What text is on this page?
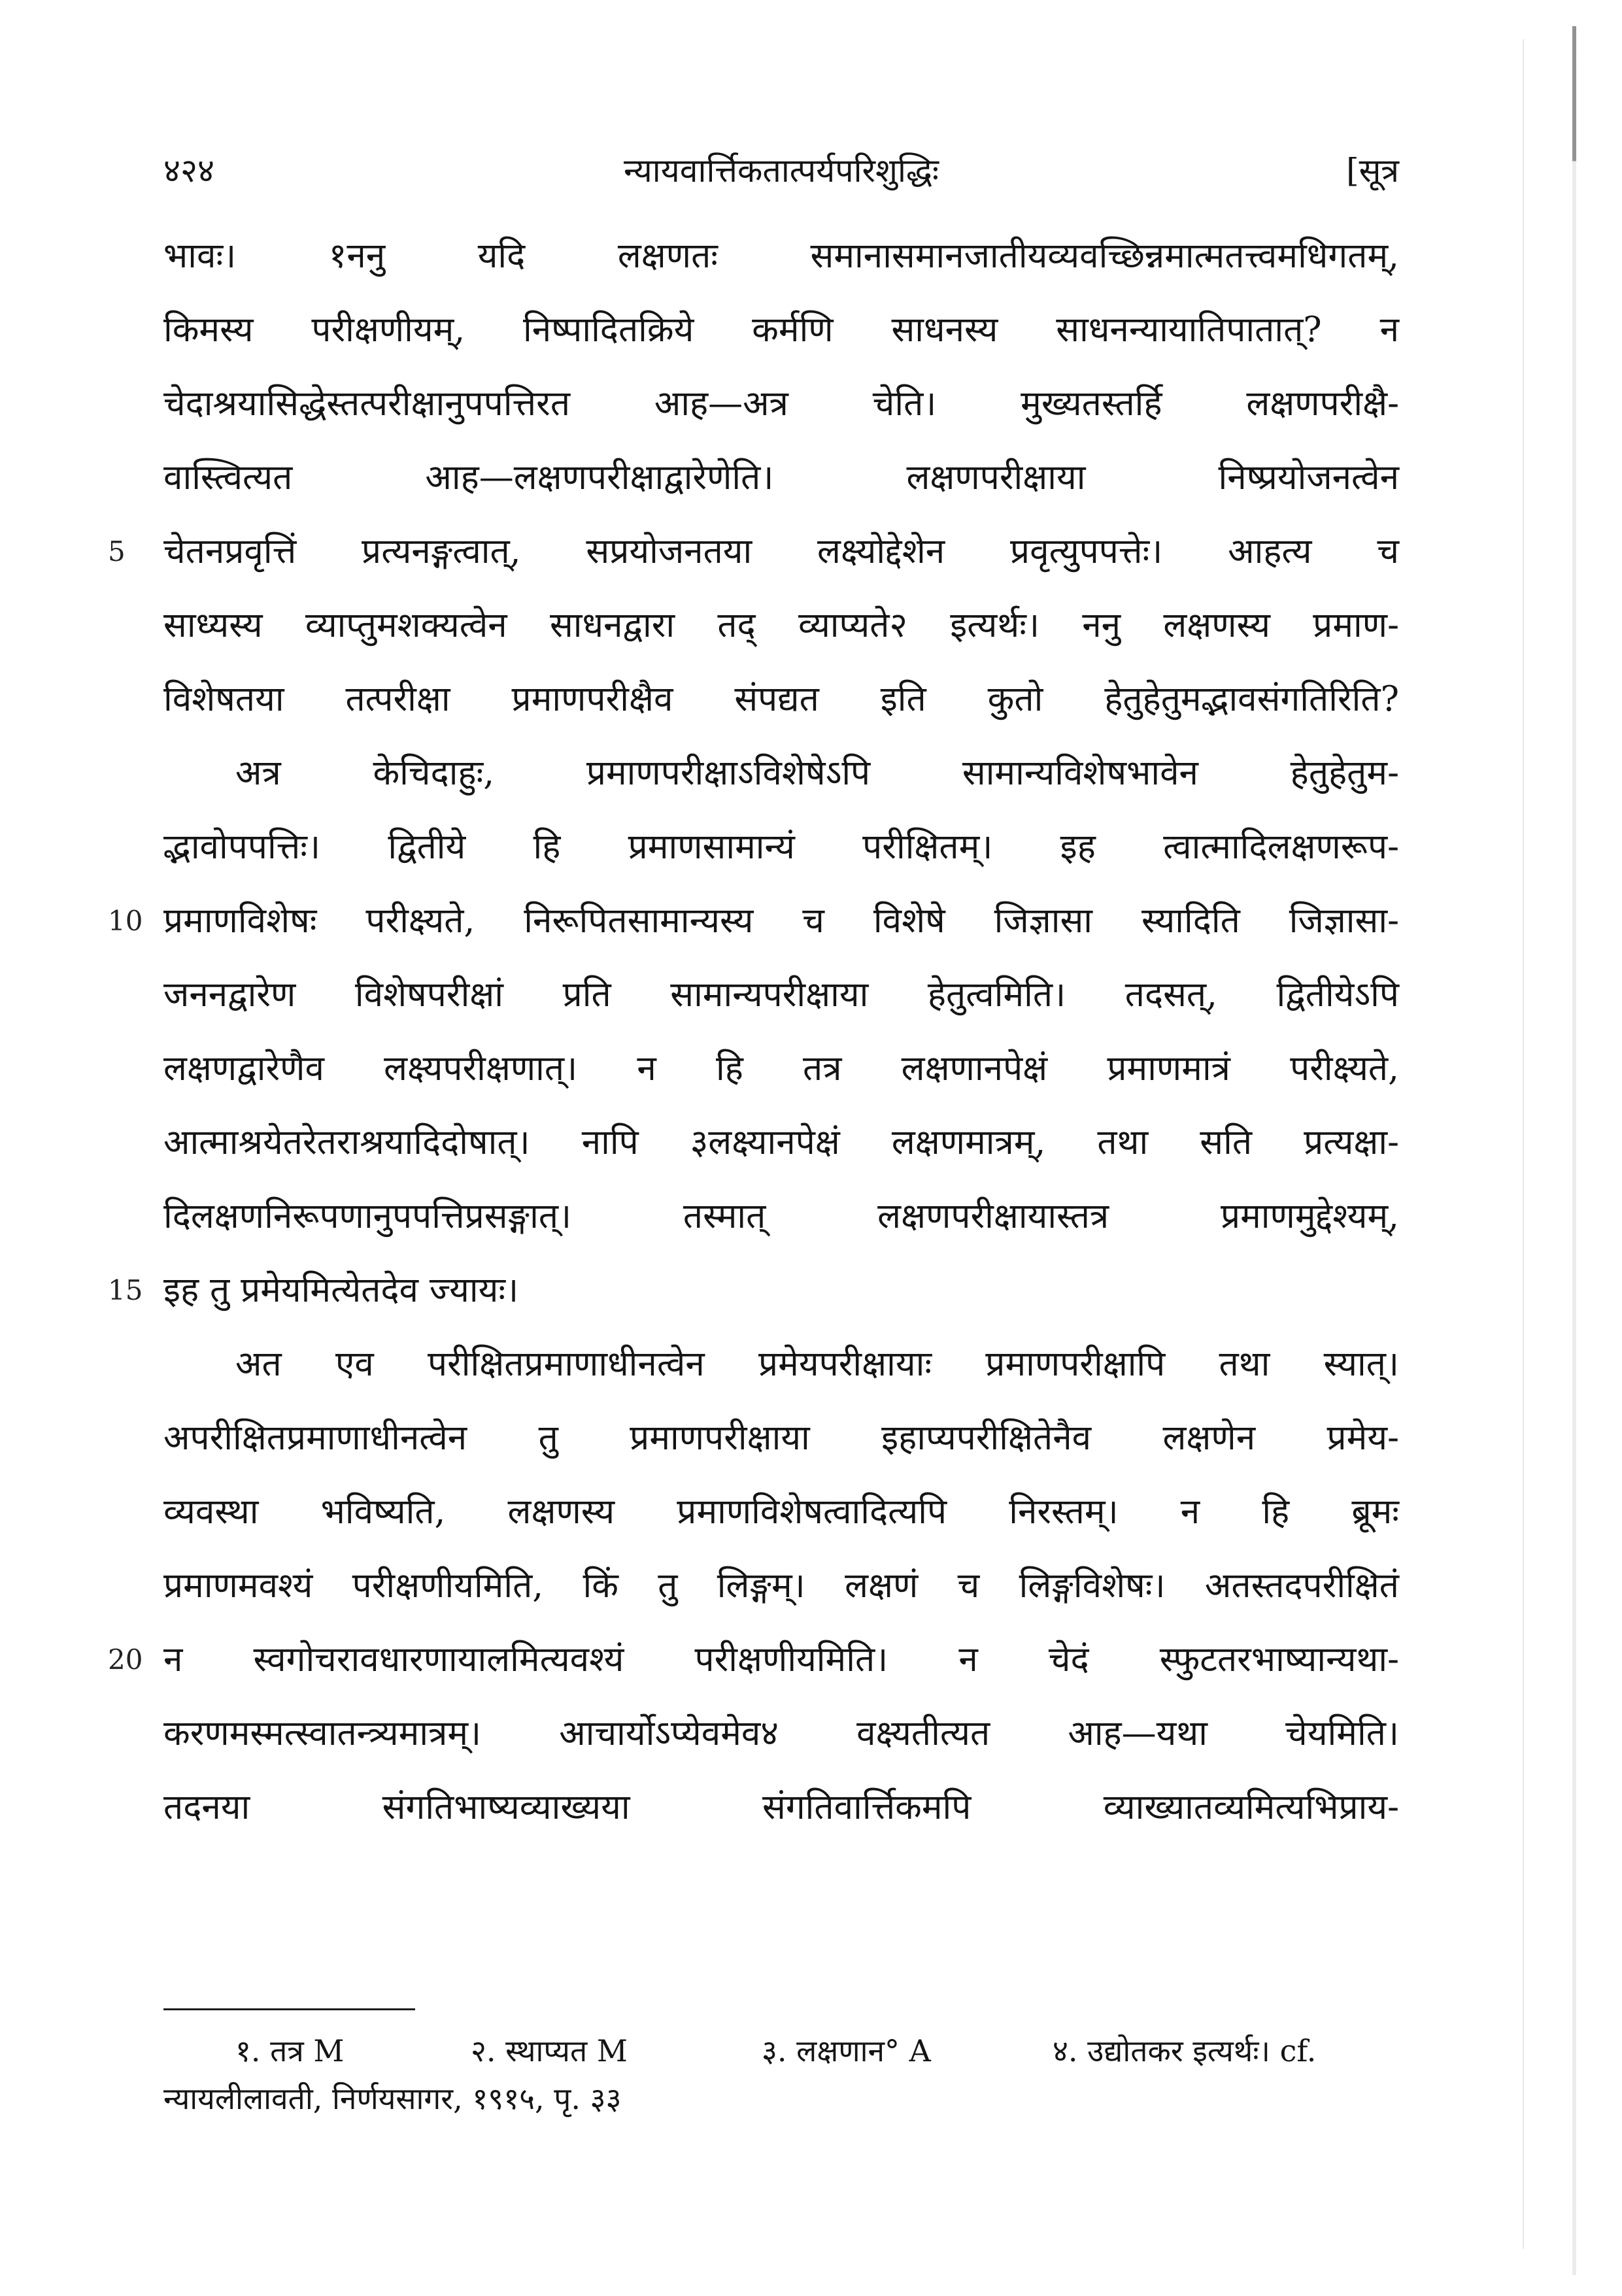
४२४	न्यायवार्त्तिकतात्पर्यपरिशुद्धिः	[सूत्र
भावः। १ननु यदि लक्षणतः समानासमानजातीयव्यवच्छिन्नमात्मतत्त्वमधिगतम्,
किमस्य परीक्षणीयम्, निष्पादितक्रिये कर्मणि साधनस्य साधनन्यायातिपातात्? न
चेदाश्रयासिद्धेस्तत्परीक्षानुपपत्तिरत आह—अत्र चेति। मुख्यतस्तर्हि लक्षणपरीक्षै-
वास्त्वित्यत आह—लक्षणपरीक्षाद्वारेणेति। लक्षणपरीक्षाया निष्प्रयोजनत्वेन
5	चेतनप्रवृत्तिं प्रत्यनङ्गत्वात्, सप्रयोजनतया लक्ष्योद्देशेन प्रवृत्युपपत्तेः। आहत्य च
साध्यस्य व्याप्तुमशक्यत्वेन साधनद्वारा तद् व्याप्यते२ इत्यर्थः। ननु लक्षणस्य प्रमाण-
विशेषतया तत्परीक्षा प्रमाणपरीक्षैव संपद्यत इति कुतो हेतुहेतुमद्भावसंगतिरिति?
अत्र केचिदाहुः, प्रमाणपरीक्षाऽविशेषेऽपि सामान्यविशेषभावेन हेतुहेतुम-
द्भावोपपत्तिः। द्वितीये हि प्रमाणसामान्यं परीक्षितम्। इह त्वात्मादिलक्षणरूप-
10 प्रमाणविशेषः परीक्ष्यते, निरूपितसामान्यस्य च विशेषे जिज्ञासा स्यादिति जिज्ञासा-
जननद्वारेण विशेषपरीक्षां प्रति सामान्यपरीक्षाया हेतुत्वमिति। तदसत्, द्वितीयेऽपि
लक्षणद्वारेणैव लक्ष्यपरीक्षणात्। न हि तत्र लक्षणानपेक्षं प्रमाणमात्रं परीक्ष्यते,
आत्माश्रयेतरेतराश्रयादिदोषात्। नापि ३लक्ष्यानपेक्षं लक्षणमात्रम्, तथा सति प्रत्यक्षा-
दिलक्षणनिरूपणानुपपत्तिप्रसङ्गात्। तस्मात् लक्षणपरीक्षायास्तत्र प्रमाणमुद्देश्यम्,
15 इह तु प्रमेयमित्येतदेव ज्यायः।
अत एव परीक्षितप्रमाणाधीनत्वेन प्रमेयपरीक्षायाः प्रमाणपरीक्षापि तथा स्यात्।
अपरीक्षितप्रमाणाधीनत्वेन तु प्रमाणपरीक्षाया इहाप्यपरीक्षितेनैव लक्षणेन प्रमेय-
व्यवस्था भविष्यति, लक्षणस्य प्रमाणविशेषत्वादित्यपि निरस्तम्। न हि ब्रूमः
प्रमाणमवश्यं परीक्षणीयमिति, किं तु लिङ्गम्। लक्षणं च लिङ्गविशेषः। अतस्तदपरीक्षितं
20 न स्वगोचरावधारणायालमित्यवश्यं परीक्षणीयमिति। न चेदं स्फुटतरभाष्यान्यथा-
करणमस्मत्स्वातन्त्र्यमात्रम्। आचार्योऽप्येवमेव४ वक्ष्यतीत्यत आह—यथा चेयमिति।
तदनया संगतिभाष्यव्याख्यया संगतिवार्त्तिकमपि व्याख्यातव्यमित्यभिप्राय-
१. तत्र M	२. स्थाप्यत M	३. लक्षणान° A	४. उद्योतकर इत्यर्थः। cf.
न्यायलीलावती, निर्णयसागर, १९१५, पृ. ३३
